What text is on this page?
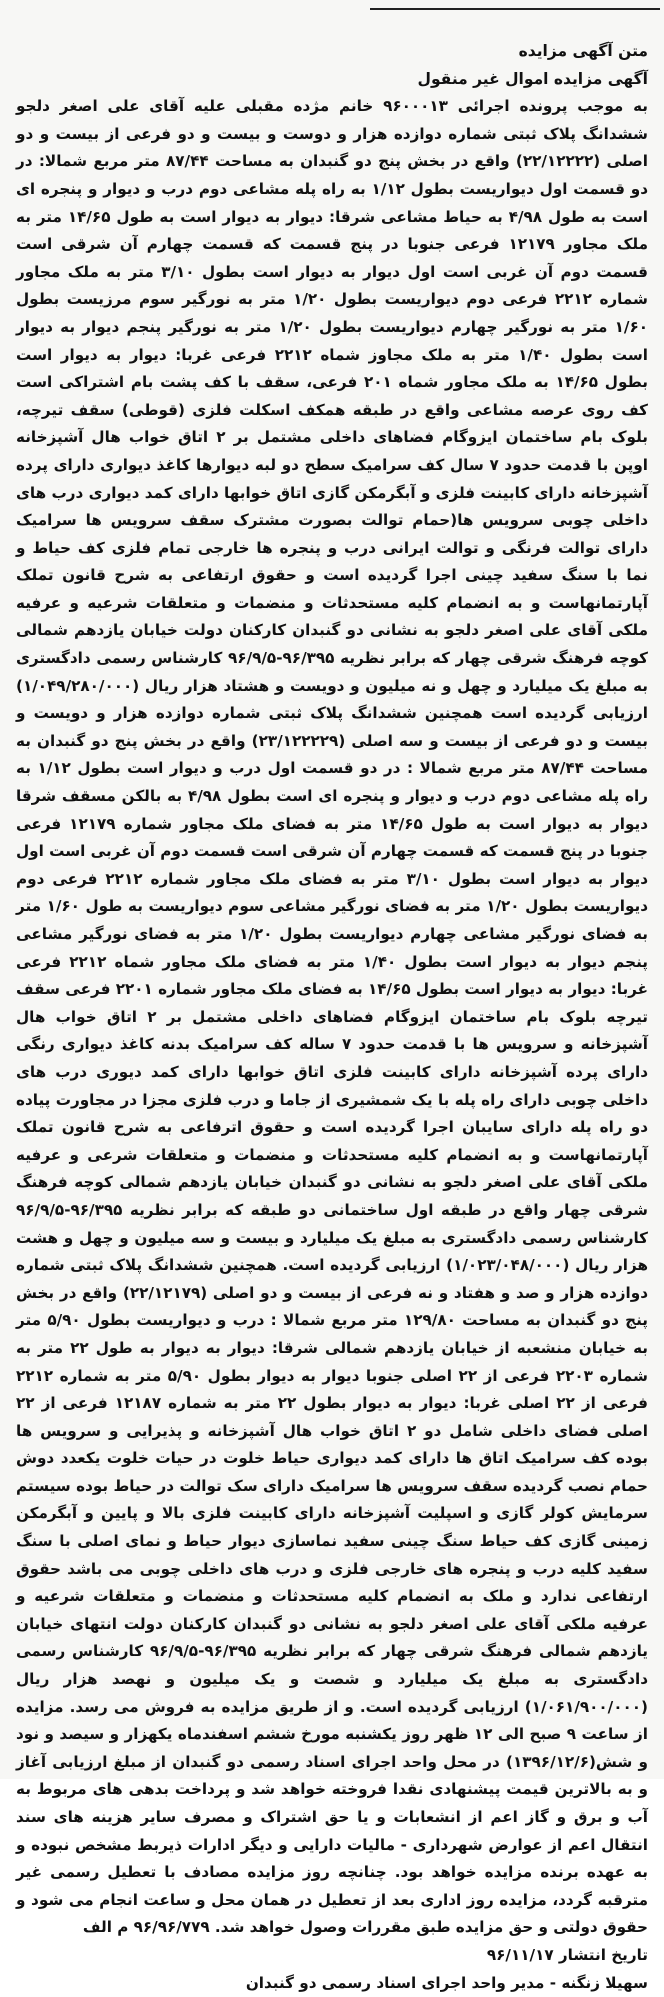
متن آگهی مزایده

آگهی مزایده اموال غیر منقول

به موجب پرونده اجرائی ۹۶۰۰۰۱۳ خانم مژده مقبلی علیه آقای علی اصغر دلجو ششدانگ پلاک ثبتی شماره دوازده هزار و دوست و بیست و دو فرعی از بیست و دو اصلی (۲۲/۱۲۲۲۲) واقع در بخش پنج دو گنبدان به مساحت ۸۷/۴۴ متر مربع شمالا: در دو قسمت اول دیواریست بطول ۱/۱۲ به راه پله مشاعی دوم درب و دیوار و پنجره ای است به طول ۴/۹۸ به حیاط مشاعی شرقا: دیوار به دیوار است به طول ۱۴/۶۵ متر به ملک مجاور ۱۲۱۷۹ فرعی جنوبا در پنج قسمت که قسمت چهارم آن شرقی است قسمت دوم آن غربی است اول دیوار به دیوار است بطول ۳/۱۰ متر به ملک مجاور شماره ۲۲۱۲ فرعی دوم دیواریست بطول ۱/۲۰ متر به نورگیر سوم مرزیست بطول ۱/۶۰ متر به نورگیر چهارم دیواریست بطول ۱/۲۰ متر به نورگیر پنجم دیوار به دیوار است بطول ۱/۴۰ متر به ملک مجاوز شماه ۲۲۱۲ فرعی غربا: دیوار به دیوار است بطول ۱۴/۶۵ به ملک مجاور شماه ۲۰۱ فرعی، سقف با کف پشت بام اشتراکی است کف روی عرصه مشاعی واقع در طبقه همکف اسکلت فلزی (قوطی) سقف تیرچه، بلوک بام ساختمان ایزوگام فضاهای داخلی مشتمل بر ۲ اتاق خواب هال آشپزخانه اوپن با قدمت حدود ۷ سال کف سرامیک سطح دو لبه دیوارها کاغذ دیواری دارای پرده آشپزخانه دارای کابینت فلزی و آبگرمکن گازی اتاق خوابها دارای کمد دیواری درب های داخلی چوبی سرویس ها(حمام توالت بصورت مشترک سقف سرویس ها سرامیک دارای توالت فرنگی و توالت ایرانی درب و پنجره ها خارجی تمام فلزی کف حیاط و نما با سنگ سفید چینی اجرا گردیده است و حقوق ارتفاعی به شرح قانون تملک آپارتمانهاست و به انضمام کلیه مستحدثات و منضمات و متعلقات شرعیه و عرفیه ملکی آقای علی اصغر دلجو به نشانی دو گنبدان کارکنان دولت خیابان یازدهم شمالی کوچه فرهنگ شرقی چهار که برابر نظریه ۹۶/۳۹۵-۹۶/۹/۵ کارشناس رسمی دادگستری به مبلغ یک میلیارد و چهل و نه میلیون و دویست و هشتاد هزار ریال (۱/۰۴۹/۲۸۰/۰۰۰) ارزیابی گردیده است همچنین ششدانگ پلاک ثبتی شماره دوازده هزار و دویست و بیست و دو فرعی از بیست و سه اصلی (۲۳/۱۲۲۲۲۹) واقع در بخش پنج دو گنبدان به مساحت ۸۷/۴۴ متر مربع شمالا : در دو قسمت اول درب و دیوار است بطول ۱/۱۲ به راه پله مشاعی دوم درب و دیوار و پنجره ای است بطول ۴/۹۸ به بالکن مسقف شرقا دیوار به دیوار است به طول ۱۴/۶۵ متر به فضای ملک مجاور شماره ۱۲۱۷۹ فرعی جنوبا در پنج قسمت که قسمت چهارم آن شرقی است قسمت دوم آن غربی است اول دیوار به دیوار است بطول ۳/۱۰ متر به فضای ملک مجاور شماره ۲۲۱۲ فرعی دوم دیواریست بطول ۱/۲۰ متر به فضای نورگیر مشاعی سوم دیواریست به طول ۱/۶۰ متر به فضای نورگیر مشاعی چهارم دیواریست بطول ۱/۲۰ متر به فضای نورگیر مشاعی پنجم دیوار به دیوار است بطول ۱/۴۰ متر به فضای ملک مجاور شماه ۲۲۱۲ فرعی غربا: دیوار به دیوار است بطول ۱۴/۶۵ به فضای ملک مجاور شماره ۲۲۰۱ فرعی سقف تیرچه بلوک بام ساختمان ایزوگام فضاهای داخلی مشتمل بر ۲ اتاق خواب هال آشپزخانه و سرویس ها با قدمت حدود ۷ ساله کف سرامیک بدنه کاغذ دیواری رنگی دارای پرده آشپزخانه دارای کابینت فلزی اتاق خوابها دارای کمد دیوری درب های داخلی چوبی دارای راه پله با یک شمشیری از جاما و درب فلزی مجزا در مجاورت پیاده دو راه پله دارای سایبان اجرا گردیده است و حقوق اترفاعی به شرح قانون تملک آپارتمانهاست و به انضمام کلیه مستحدثات و منضمات و متعلقات شرعی و عرفیه ملکی آقای علی اصغر دلجو به نشانی دو گنبدان خیابان یازدهم شمالی کوچه فرهنگ شرقی چهار واقع در طبقه اول ساختمانی دو طبقه که برابر نظریه ۹۶/۳۹۵-۹۶/۹/۵ کارشناس رسمی دادگستری به مبلغ یک میلیارد و بیست و سه میلیون و چهل و هشت هزار ریال (۱/۰۲۳/۰۴۸/۰۰۰) ارزیابی گردیده است. همچنین ششدانگ پلاک ثبتی شماره دوازده هزار و صد و هفتاد و نه فرعی از بیست و دو اصلی (۲۲/۱۲۱۷۹) واقع در بخش پنج دو گنبدان به مساحت ۱۲۹/۸۰ متر مربع شمالا : درب و دیواریست بطول ۵/۹۰ متر به خیابان منشعبه از خیابان یازدهم شمالی شرقا: دیوار به دیوار به طول ۲۲ متر به شماره ۲۲۰۳ فرعی از ۲۲ اصلی جنوبا دیوار به دیوار بطول ۵/۹۰ متر به شماره ۲۲۱۲ فرعی از ۲۲ اصلی غربا: دیوار به دیوار بطول ۲۲ متر به شماره ۱۲۱۸۷ فرعی از ۲۲ اصلی فضای داخلی شامل دو ۲ اتاق خواب هال آشپزخانه و پذیرایی و سرویس ها بوده کف سرامیک اتاق ها دارای کمد دیواری حیاط خلوت در حیات خلوت یکعدد دوش حمام نصب گردیده سقف سرویس ها سرامیک دارای سک توالت در حیاط بوده سیستم سرمایش کولر گازی و اسپلیت آشپزخانه دارای کابینت فلزی بالا و پایین و آبگرمکن زمینی گازی کف حیاط سنگ چینی سفید نماسازی دیوار حیاط و نمای اصلی با سنگ سفید کلیه درب و پنجره های خارجی فلزی و درب های داخلی چوبی می باشد حقوق ارتفاعی ندارد و ملک به انضمام کلیه مستحدثات و منضمات و متعلقات شرعیه و عرفیه ملکی آقای علی اصغر دلجو به نشانی دو گنبدان کارکنان دولت انتهای خیابان یازدهم شمالی فرهنگ شرقی چهار که برابر نظریه ۹۶/۳۹۵-۹۶/۹/۵ کارشناس رسمی دادگستری به مبلغ یک میلیارد و شصت و یک میلیون و نهصد هزار ریال (۱/۰۶۱/۹۰۰/۰۰۰) ارزیابی گردیده است. و از طریق مزایده به فروش می رسد. مزایده از ساعت ۹ صبح الی ۱۲ ظهر روز یکشنبه مورخ ششم اسفندماه یکهزار و سیصد و نود و شش(۱۳۹۶/۱۲/۶) در محل واحد اجرای اسناد رسمی دو گنبدان از مبلغ ارزیابی آغاز و به بالاترین قیمت پیشنهادی نقدا فروخته خواهد شد و پرداخت بدهی های مربوط به آب و برق و گاز اعم از انشعابات و یا حق اشتراک و مصرف سایر هزینه های سند انتقال اعم از عوارض شهرداری - مالیات دارایی و دیگر ادارات ذیربط مشخص نبوده و به عهده برنده مزایده خواهد بود. چنانچه روز مزایده مصادف با تعطیل رسمی غیر مترقبه گردد، مزایده روز اداری بعد از تعطیل در همان محل و ساعت انجام می شود و حقوق دولتی و حق مزایده طبق مقررات وصول خواهد شد. ۹۶/۹۶/۷۷۹ م الف

تاریخ انتشار ۹۶/۱۱/۱۷

سهیلا زنگنه - مدیر واحد اجرای اسناد رسمی دو گنبدان
